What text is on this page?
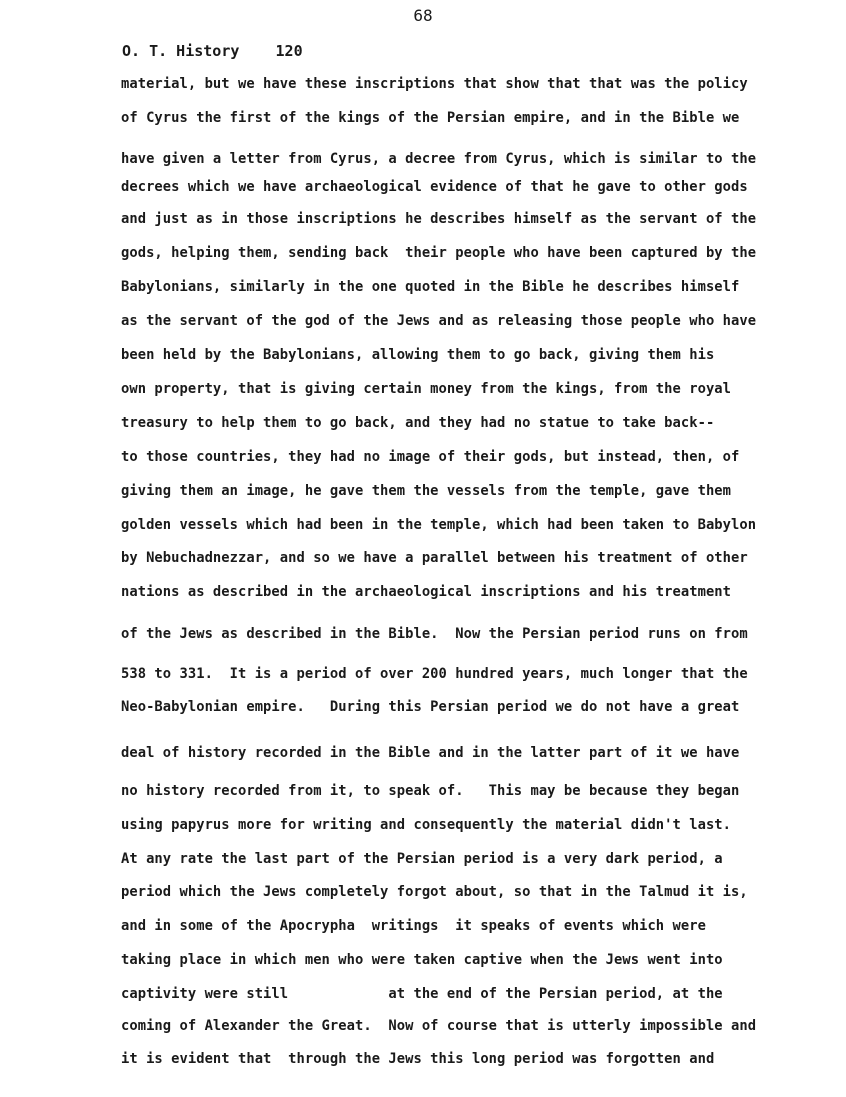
68
O. T. History    120
material, but we have these inscriptions that show that that was the policy
of Cyrus the first of the kings of the Persian empire, and in the Bible we
have given a letter from Cyrus, a decree from Cyrus, which is similar to the
decrees which we have archaeological evidence of that he gave to other gods
and just as in those inscriptions he describes himself as the servant of the
gods, helping them, sending back  their people who have been captured by the
Babylonians, similarly in the one quoted in the Bible he describes himself
as the servant of the god of the Jews and as releasing those people who have
been held by the Babylonians, allowing them to go back, giving them his
own property, that is giving certain money from the kings, from the royal
treasury to help them to go back, and they had no statue to take back--
to those countries, they had no image of their gods, but instead, then, of
giving them an image, he gave them the vessels from the temple, gave them
golden vessels which had been in the temple, which had been taken to Babylon
by Nebuchadnezzar, and so we have a parallel between his treatment of other
nations as described in the archaeological inscriptions and his treatment
of the Jews as described in the Bible.  Now the Persian period runs on from
538 to 331.  It is a period of over 200 hundred years, much longer that the
Neo-Babylonian empire.   During this Persian period we do not have a great
deal of history recorded in the Bible and in the latter part of it we have
no history recorded from it, to speak of.   This may be because they began
using papyrus more for writing and consequently the material didn't last.
At any rate the last part of the Persian period is a very dark period, a
period which the Jews completely forgot about, so that in the Talmud it is,
and in some of the Apocrypha  writings  it speaks of events which were
taking place in which men who were taken captive when the Jews went into
captivity were still            at the end of the Persian period, at the
coming of Alexander the Great.  Now of course that is utterly impossible and
it is evident that  through the Jews this long period was forgotten and
